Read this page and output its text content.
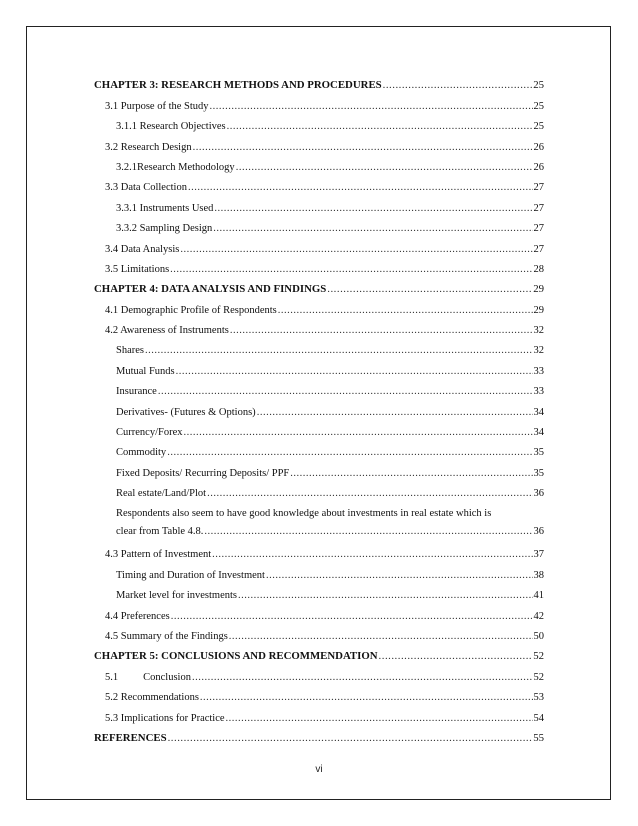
CHAPTER 3: RESEARCH METHODS AND PROCEDURES .....	25
3.1 Purpose of the Study .....	25
3.1.1 Research Objectives .....	25
3.2 Research Design .....	26
3.2.1Research Methodology .....	26
3.3 Data Collection .....	27
3.3.1 Instruments Used .....	27
3.3.2 Sampling Design .....	27
3.4 Data Analysis .....	27
3.5 Limitations .....	28
CHAPTER 4: DATA ANALYSIS AND FINDINGS .....	29
4.1 Demographic Profile of Respondents .....	29
4.2 Awareness of Instruments .....	32
Shares .....	32
Mutual Funds .....	33
Insurance .....	33
Derivatives- (Futures & Options) .....	34
Currency/Forex .....	34
Commodity .....	35
Fixed Deposits/ Recurring Deposits/ PPF .....	35
Real estate/Land/Plot .....	36
Respondents also seem to have good knowledge about investments in real estate which is
clear from Table 4.8. .....	36
4.3 Pattern of Investment .....	37
Timing and Duration of Investment .....	38
Market level for investments .....	41
4.4 Preferences .....	42
4.5 Summary of the Findings .....	50
CHAPTER 5: CONCLUSIONS AND RECOMMENDATION .....	52
5.1 Conclusion .....	52
5.2 Recommendations .....	53
5.3 Implications for Practice .....	54
REFERENCES .....	55
vi
